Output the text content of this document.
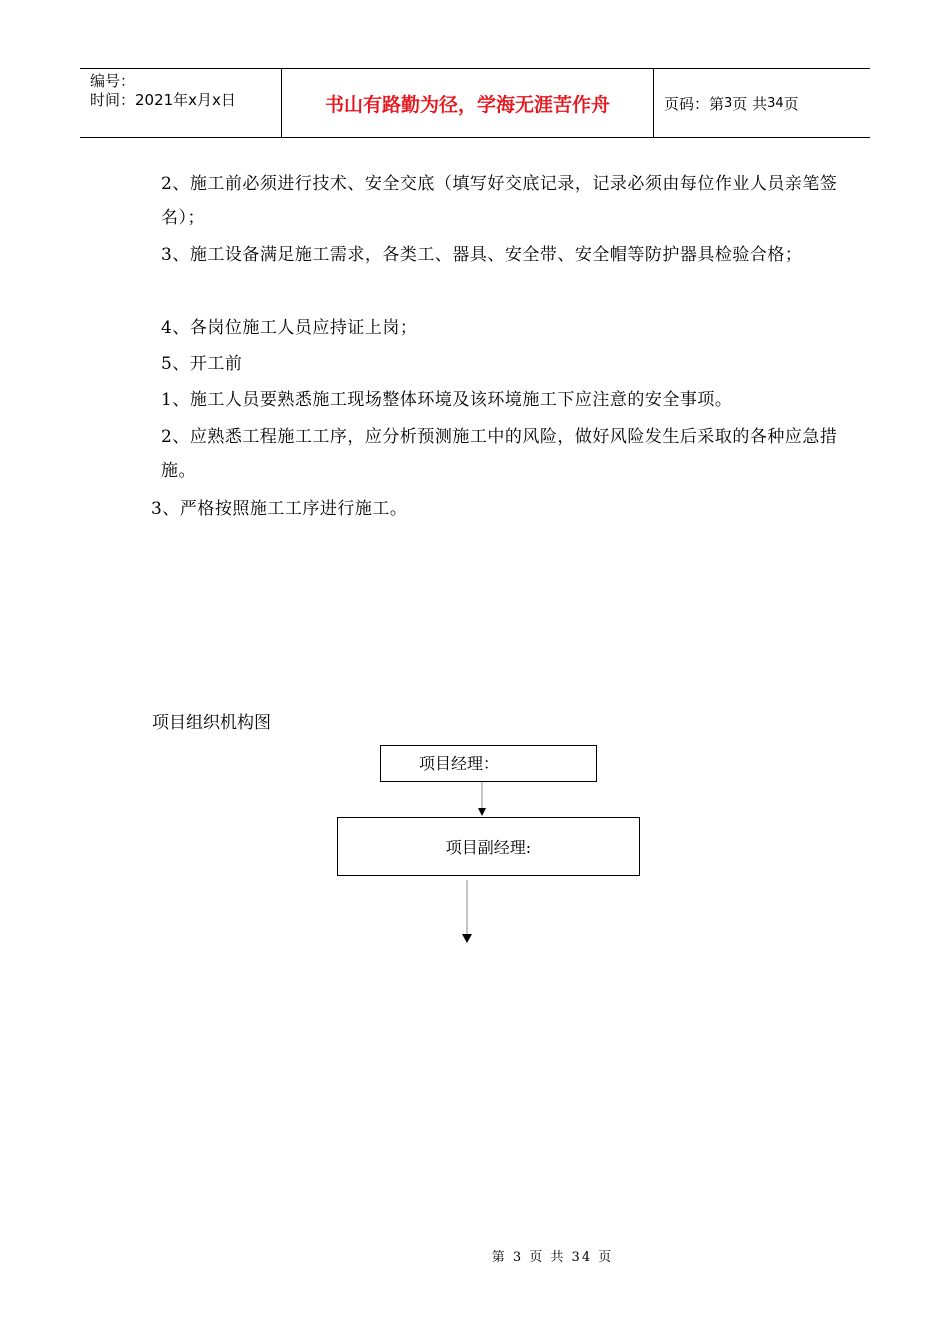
编号：
时间：2021年x月x日	书山有路勤为径，学海无涯苦作舟	页码：第 3 页 共 34 页
2、施工前必须进行技术、安全交底（填写好交底记录，记录必须由每位作业人员亲笔签名）；
3、施工设备满足施工需求，各类工、器具、安全带、安全帽等防护器具检验合格；
4、各岗位施工人员应持证上岗；
5、开工前
1、施工人员要熟悉施工现场整体环境及该环境施工下应注意的安全事项。
2、应熟悉工程施工工序，应分析预测施工中的风险，做好风险发生后采取的各种应急措施。
3、严格按照施工工序进行施工。
项目组织机构图
项目经理：
项目副经理:
第 3 页 共 34 页
